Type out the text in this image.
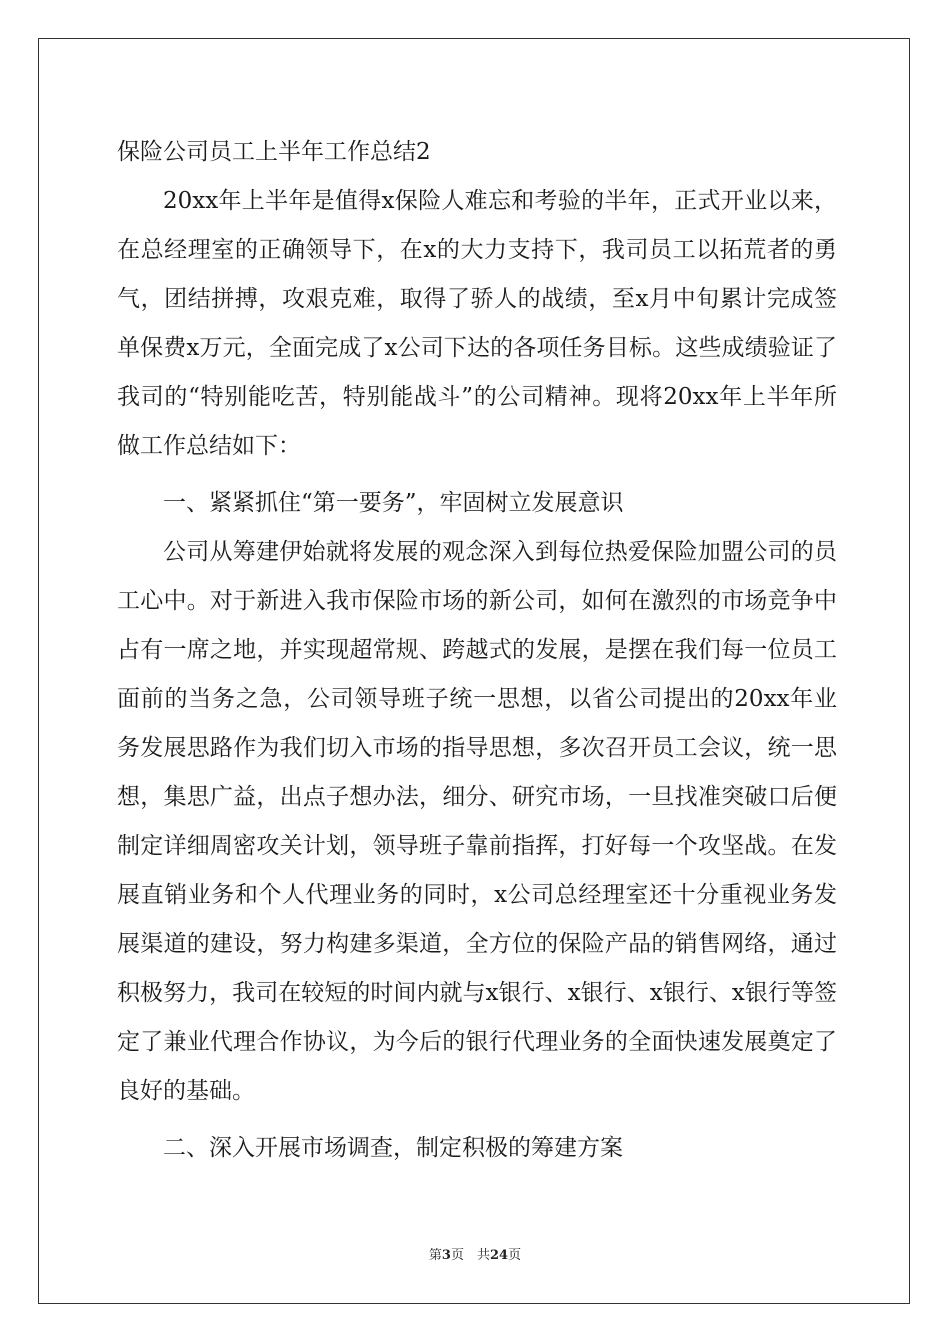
保险公司员工上半年工作总结2

20xx年上半年是值得x保险人难忘和考验的半年，正式开业以来，在总经理室的正确领导下，在x的大力支持下，我司员工以拓荒者的勇气，团结拼搏，攻艰克难，取得了骄人的战绩，至x月中旬累计完成签单保费x万元，全面完成了x公司下达的各项任务目标。这些成绩验证了我司的“特别能吃苦，特别能战斗”的公司精神。现将20xx年上半年所做工作总结如下：

一、紧紧抓住“第一要务”，牢固树立发展意识

公司从筹建伊始就将发展的观念深入到每位热爱保险加盟公司的员工心中。对于新进入我市保险市场的新公司，如何在激烈的市场竞争中占有一席之地，并实现超常规、跨越式的发展，是摆在我们每一位员工面前的当务之急，公司领导班子统一思想，以省公司提出的20xx年业务发展思路作为我们切入市场的指导思想，多次召开员工会议，统一思想，集思广益，出点子想办法，细分、研究市场，一旦找准突破口后便制定详细周密攻关计划，领导班子靠前指挥，打好每一个攻坚战。在发展直销业务和个人代理业务的同时，x公司总经理室还十分重视业务发展渠道的建设，努力构建多渠道，全方位的保险产品的销售网络，通过积极努力，我司在较短的时间内就与x银行、x银行、x银行、x银行等签定了兼业代理合作协议，为今后的银行代理业务的全面快速发展奠定了良好的基础。

二、深入开展市场调查，制定积极的筹建方案

第3页　共24页
